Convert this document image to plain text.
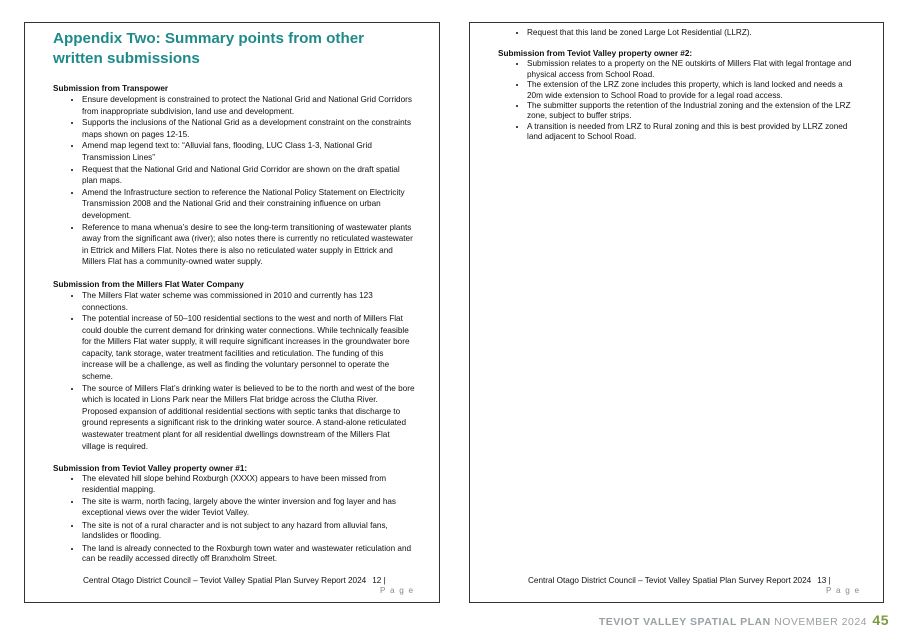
Appendix Two: Summary points from other written submissions
Submission from Transpower
• Ensure development is constrained to protect the National Grid and National Grid Corridors from inappropriate subdivision, land use and development.
• Supports the inclusions of the National Grid as a development constraint on the constraints maps shown on pages 12-15.
• Amend map legend text to: “Alluvial fans, flooding, LUC Class 1-3, National Grid Transmission Lines”
• Request that the National Grid and National Grid Corridor are shown on the draft spatial plan maps.
• Amend the Infrastructure section to reference the National Policy Statement on Electricity Transmission 2008 and the National Grid and their constraining influence on urban development.
• Reference to mana whenua’s desire to see the long-term transitioning of wastewater plants away from the significant awa (river); also notes there is currently no reticulated wastewater in Ettrick and Millers Flat. Notes there is also no reticulated water supply in Ettrick and Millers Flat has a community-owned water supply.
Submission from the Millers Flat Water Company
• The Millers Flat water scheme was commissioned in 2010 and currently has 123 connections.
• The potential increase of 50–100 residential sections to the west and north of Millers Flat could double the current demand for drinking water connections. While technically feasible for the Millers Flat water supply, it will require significant increases in the groundwater bore capacity, tank storage, water treatment facilities and reticulation. The funding of this increase will be a challenge, as well as finding the voluntary personnel to operate the scheme.
• The source of Millers Flat’s drinking water is believed to be to the north and west of the bore which is located in Lions Park near the Millers Flat bridge across the Clutha River. Proposed expansion of additional residential sections with septic tanks that discharge to ground represents a significant risk to the drinking water source. A stand-alone reticulated wastewater treatment plant for all residential dwellings downstream of the Millers Flat village is required.
Submission from Teviot Valley property owner #1:
• The elevated hill slope behind Roxburgh (XXXX) appears to have been missed from residential mapping.
• The site is warm, north facing, largely above the winter inversion and fog layer and has exceptional views over the wider Teviot Valley.
• The site is not of a rural character and is not subject to any hazard from alluvial fans, landslides or flooding.
• The land is already connected to the Roxburgh town water and wastewater reticulation and can be readily accessed directly off Branxholm Street.
Central Otago District Council – Teviot Valley Spatial Plan Survey Report 2024 12 |
P a g e
• Request that this land be zoned Large Lot Residential (LLRZ).
Submission from Teviot Valley property owner #2:
• Submission relates to a property on the NE outskirts of Millers Flat with legal frontage and physical access from School Road.
• The extension of the LRZ zone includes this property, which is land locked and needs a 20m wide extension to School Road to provide for a legal road access.
• The submitter supports the retention of the Industrial zoning and the extension of the LRZ zone, subject to buffer strips.
• A transition is needed from LRZ to Rural zoning and this is best provided by LLRZ zoned land adjacent to School Road.
Central Otago District Council – Teviot Valley Spatial Plan Survey Report 2024 13 |
P a g e
TEVIOT VALLEY SPATIAL PLAN NOVEMBER 2024 45
